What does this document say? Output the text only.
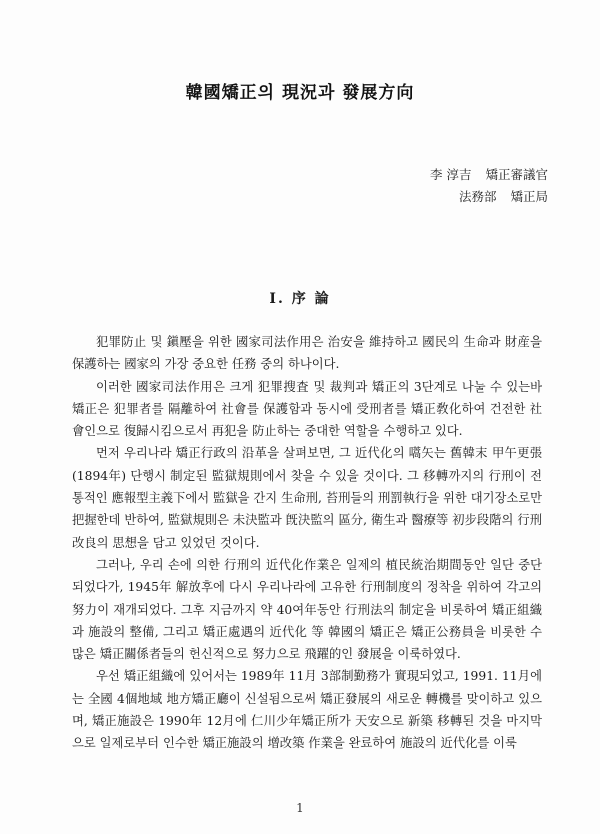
韓國矯正의 現況과 發展方向
李 淳吉 矯正審議官
法務部 矯正局
Ⅰ. 序 論

犯罪防止 및 鎭壓을 위한 國家司法作用은 治安을 維持하고 國民의 生命과 財産을 保護하는 國家의 가장 중요한 任務 중의 하나이다.

이러한 國家司法作用은 크게 犯罪搜査 및 裁判과 矯正의 3단계로 나눌 수 있는바 矯正은 犯罪者를 隔離하여 社會를 保護함과 동시에 受刑者를 矯正敎化하여 건전한 社會인으로 復歸시킴으로서 再犯을 防止하는 중대한 역할을 수행하고 있다.

먼저 우리나라 矯正行政의 沿革을 살펴보면, 그 近代化의 嚆矢는 舊韓末 甲午更張(1894年) 단행시 制定된 監獄規則에서 찾을 수 있을 것이다. 그 移轉까지의 行刑이 전통적인 應報型主義下에서 監獄을 간지 生命刑, 苔刑들의 刑罰執行을 위한 대기장소로만 把握한데 반하여, 監獄規則은 未決監과 旣決監의 區分, 衛生과 醫療等 初步段階의 行刑改良의 思想을 담고 있었던 것이다.

그러나, 우리 손에 의한 行刑의 近代化作業은 일제의 植民統治期間동안 일단 중단되었다가, 1945年 解放후에 다시 우리나라에 고유한 行刑制度의 정착을 위하여 각고의 努力이 재개되었다. 그후 지금까지 약 40여年동안 行刑法의 制定을 비롯하여 矯正組織과 施設의 整備, 그리고 矯正處遇의 近代化 等 韓國의 矯正은 矯正公務員을 비롯한 수많은 矯正關係者들의 헌신적으로 努力으로 飛躍的인 發展을 이룩하였다.

우선 矯正組織에 있어서는 1989年 11月 3部制勤務가 實現되었고, 1991. 11月에는 全國 4個地域 地方矯正廳이 신설됨으로써 矯正發展의 새로운 轉機를 맞이하고 있으며, 矯正施設은 1990年 12月에 仁川少年矯正所가 天安으로 新築 移轉된 것을 마지막으로 일제로부터 인수한 矯正施設의 增改築 作業을 완료하여 施設의 近代化를 이룩

1
